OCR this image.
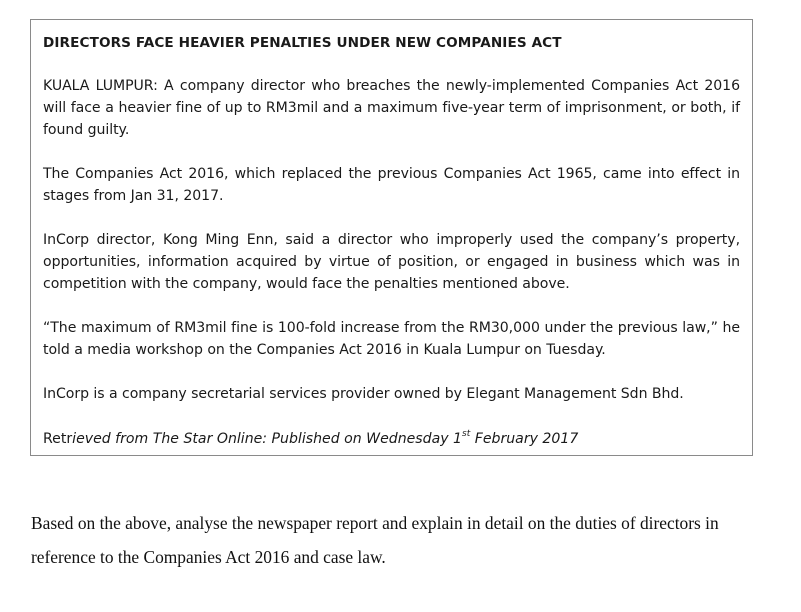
DIRECTORS FACE HEAVIER PENALTIES UNDER NEW COMPANIES ACT

KUALA LUMPUR: A company director who breaches the newly-implemented Companies Act 2016 will face a heavier fine of up to RM3mil and a maximum five-year term of imprisonment, or both, if found guilty.

The Companies Act 2016, which replaced the previous Companies Act 1965, came into effect in stages from Jan 31, 2017.

InCorp director, Kong Ming Enn, said a director who improperly used the company’s property, opportunities, information acquired by virtue of position, or engaged in business which was in competition with the company, would face the penalties mentioned above.

“The maximum of RM3mil fine is 100-fold increase from the RM30,000 under the previous law,” he told a media workshop on the Companies Act 2016 in Kuala Lumpur on Tuesday.

InCorp is a company secretarial services provider owned by Elegant Management Sdn Bhd.

Retrieved from The Star Online: Published on Wednesday 1st February 2017

Based on the above, analyse the newspaper report and explain in detail on the duties of directors in reference to the Companies Act 2016 and case law.
